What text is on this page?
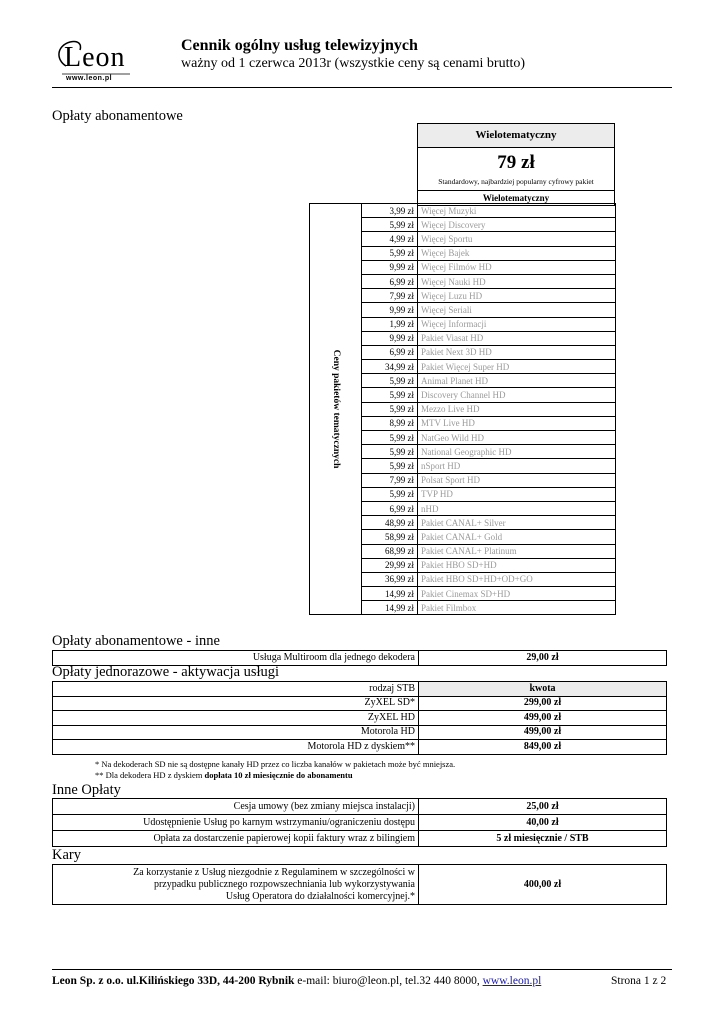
Leon
www.leon.pl
Cennik ogólny usług telewizyjnych
ważny od 1 czerwca 2013r (wszystkie ceny są cenami brutto)
Opłaty abonamentowe
Wielotematyczny
79 zł
Standardowy, najbardziej popularny cyfrowy pakiet
Wielotematyczny
Ceny pakietów tematycznych	3,99 zł	Więcej Muzyki
	5,99 zł	Więcej Discovery
	4,99 zł	Więcej Sportu
	5,99 zł	Więcej Bajek
	9,99 zł	Więcej Filmów HD
	6,99 zł	Więcej Nauki HD
	7,99 zł	Więcej Luzu HD
	9,99 zł	Więcej Seriali
	1,99 zł	Więcej Informacji
	9,99 zł	Pakiet Viasat HD
	6,99 zł	Pakiet Next 3D HD
	34,99 zł	Pakiet Więcej Super HD
	5,99 zł	Animal Planet HD
	5,99 zł	Discovery Channel HD
	5,99 zł	Mezzo Live HD
	8,99 zł	MTV Live HD
	5,99 zł	NatGeo Wild HD
	5,99 zł	National Geographic HD
	5,99 zł	nSport HD
	7,99 zł	Polsat Sport HD
	5,99 zł	TVP HD
	6,99 zł	nHD
	48,99 zł	Pakiet CANAL+ Silver
	58,99 zł	Pakiet CANAL+ Gold
	68,99 zł	Pakiet CANAL+ Platinum
	29,99 zł	Pakiet HBO SD+HD
	36,99 zł	Pakiet HBO SD+HD+OD+GO
	14,99 zł	Pakiet Cinemax SD+HD
	14,99 zł	Pakiet Filmbox
Opłaty abonamentowe - inne
Usługa Multiroom dla jednego dekodera	29,00 zł
Opłaty jednorazowe - aktywacja usługi
rodzaj STB	kwota
ZyXEL SD*	299,00 zł
ZyXEL HD	499,00 zł
Motorola HD	499,00 zł
Motorola HD z dyskiem**	849,00 zł
* Na dekoderach SD nie są dostępne kanały HD przez co liczba kanałów w pakietach może być mniejsza.
** Dla dekodera HD z dyskiem dopłata 10 zł miesięcznie do abonamentu
Inne Opłaty
Cesja umowy (bez zmiany miejsca instalacji)	25,00 zł
Udostępnienie Usług po karnym wstrzymaniu/ograniczeniu dostępu	40,00 zł
Opłata za dostarczenie papierowej kopii faktury wraz z bilingiem	5 zł miesięcznie / STB
Kary
Za korzystanie z Usług niezgodnie z Regulaminem w szczególności w
przypadku publicznego rozpowszechniania lub wykorzystywania
Usług Operatora do działalności komercyjnej.*
	400,00 zł
Leon Sp. z o.o. ul.Kilińskiego 33D, 44-200 Rybnik e-mail: biuro@leon.pl, tel.32 440 8000, www.leon.pl	Strona 1 z 2
